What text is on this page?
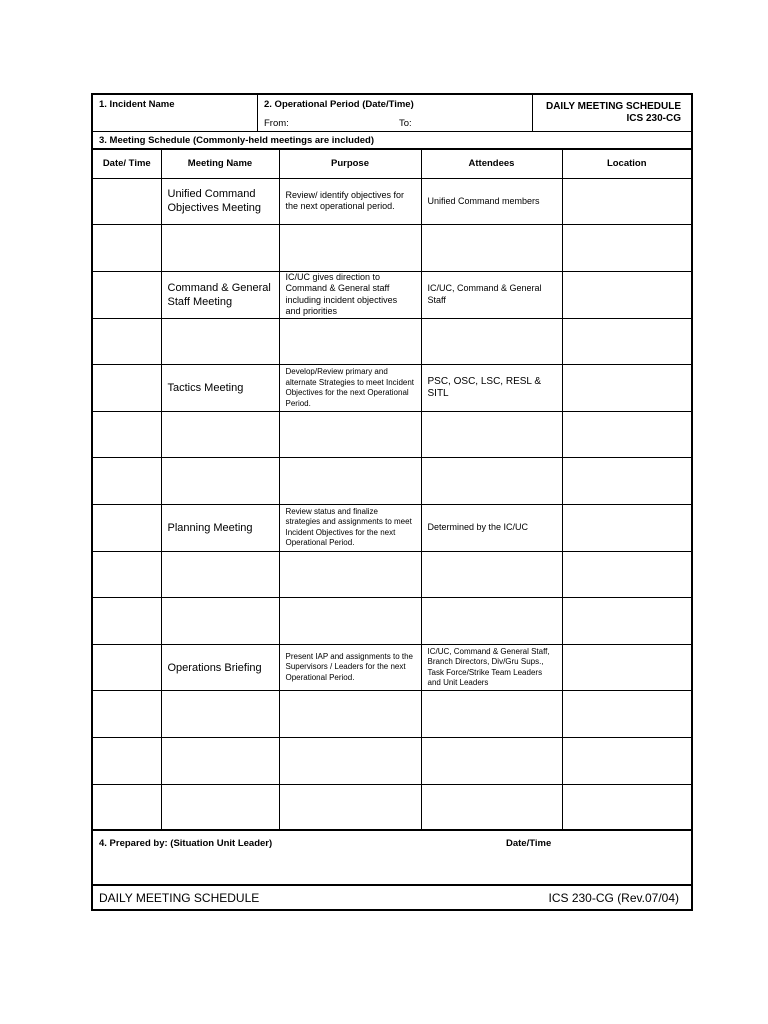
1. Incident Name	2. Operational Period (Date/Time)
From:	To:
DAILY MEETING SCHEDULE
ICS 230-CG
3. Meeting Schedule (Commonly-held meetings are included)
Date/ Time	Meeting Name	Purpose	Attendees	Location
	Unified Command Objectives Meeting	Review/ identify objectives for the next operational period.	Unified Command members	

	Command & General Staff Meeting	IC/UC gives direction to Command & General staff including incident objectives and priorities	IC/UC, Command & General Staff	

	Tactics Meeting	Develop/Review primary and alternate Strategies to meet Incident Objectives for the next Operational Period.	PSC, OSC, LSC, RESL & SITL	

	Planning Meeting	Review status and finalize strategies and assignments to meet Incident Objectives for the next Operational Period.	Determined by the IC/UC	

	Operations Briefing	Present IAP and assignments to the Supervisors / Leaders for the next Operational Period.	IC/UC, Command & General Staff, Branch Directors, Div/Gru Sups., Task Force/Strike Team Leaders and Unit Leaders	

4. Prepared by: (Situation Unit Leader)	Date/Time
DAILY MEETING SCHEDULE	ICS 230-CG (Rev.07/04)
